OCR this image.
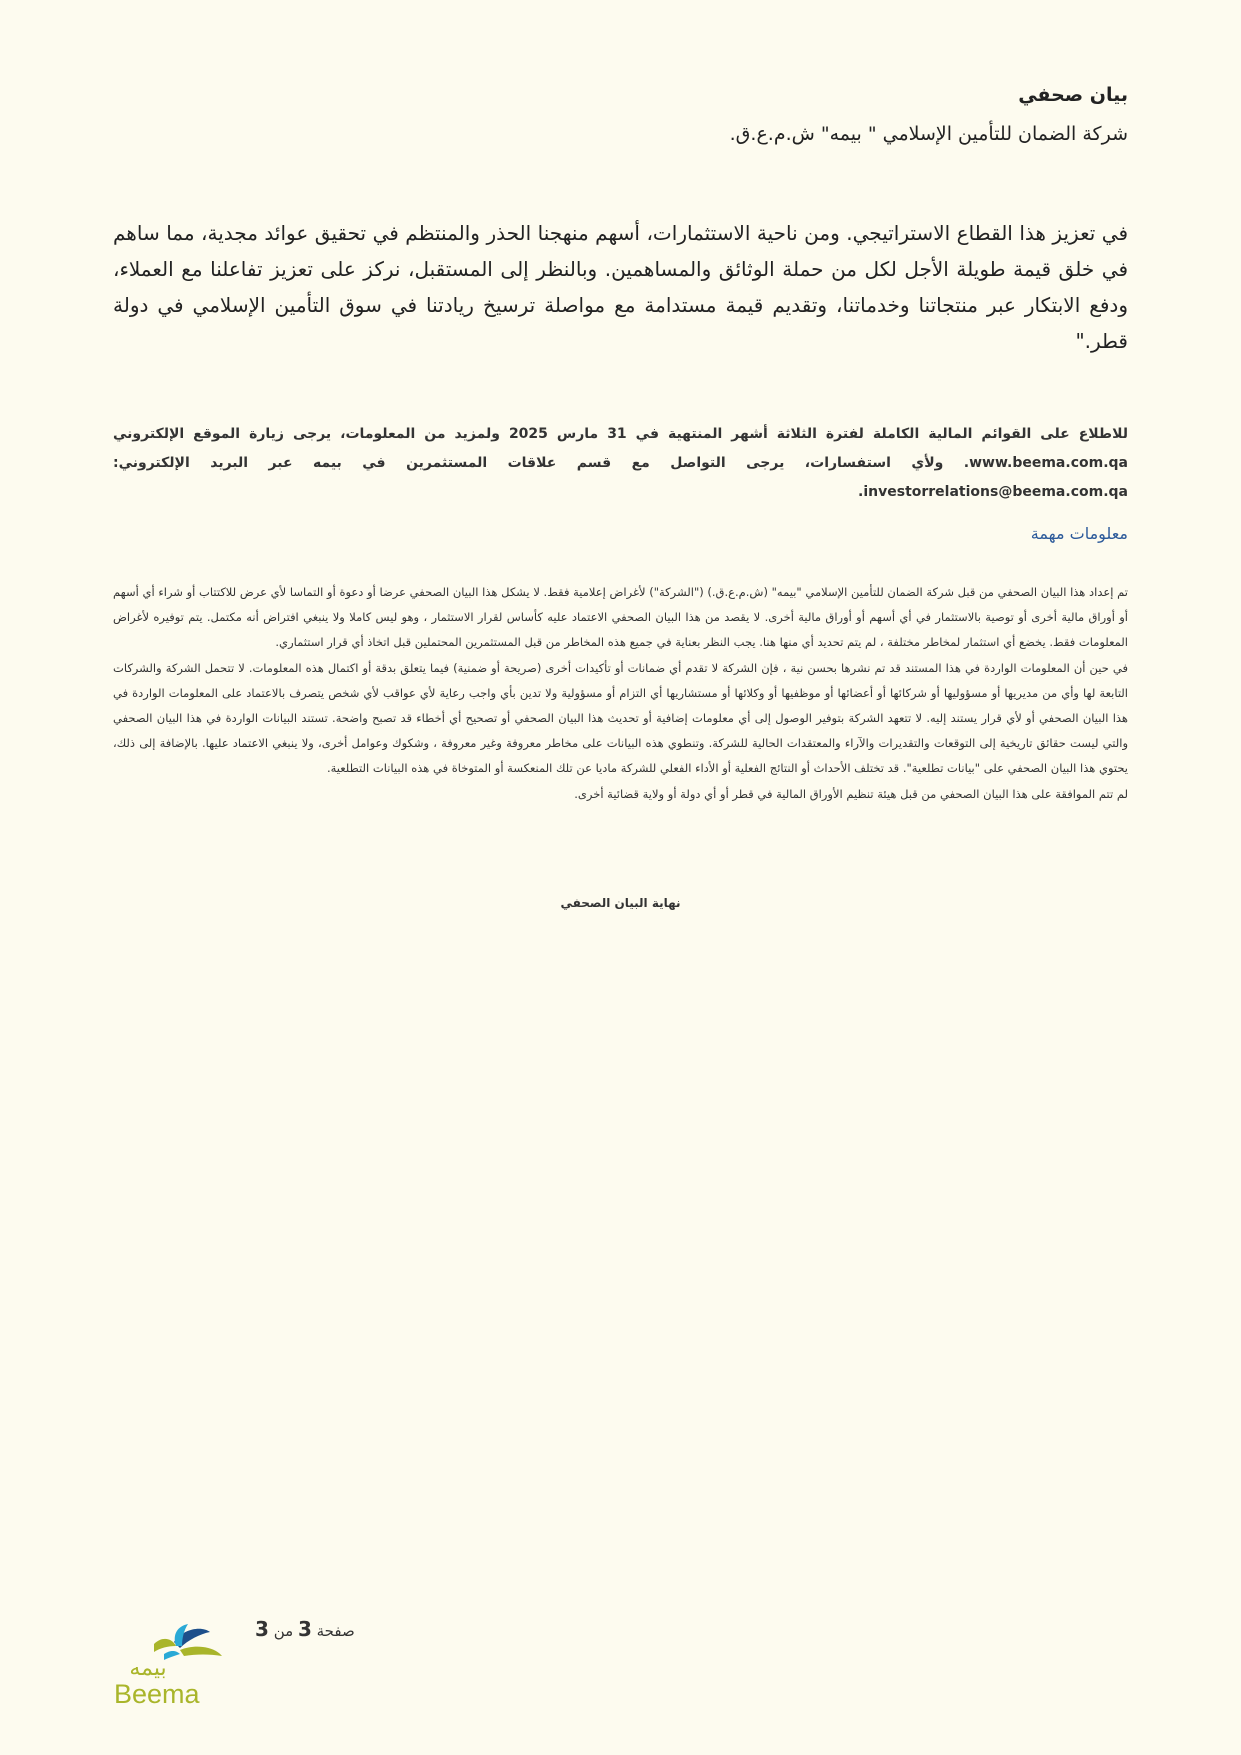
بيان صحفي
شركة الضمان للتأمين الإسلامي " بيمه" ش.م.ع.ق.

في تعزيز هذا القطاع الاستراتيجي. ومن ناحية الاستثمارات، أسهم منهجنا الحذر والمنتظم في تحقيق عوائد مجدية، مما ساهم في خلق قيمة طويلة الأجل لكل من حملة الوثائق والمساهمين. وبالنظر إلى المستقبل، نركز على تعزيز تفاعلنا مع العملاء، ودفع الابتكار عبر منتجاتنا وخدماتنا، وتقديم قيمة مستدامة مع مواصلة ترسيخ ريادتنا في سوق التأمين الإسلامي في دولة قطر."

للاطلاع على القوائم المالية الكاملة لفترة الثلاثة أشهر المنتهية في 31 مارس 2025 ولمزيد من المعلومات، يرجى زيارة الموقع الإلكتروني www.beema.com.qa. ولأي استفسارات، يرجى التواصل مع قسم علاقات المستثمرين في بيمه عبر البريد الإلكتروني: investorrelations@beema.com.qa.

معلومات مهمة

تم إعداد هذا البيان الصحفي من قبل شركة الضمان للتأمين الإسلامي "بيمه" (ش.م.ع.ق.) ("الشركة") لأغراض إعلامية فقط. لا يشكل هذا البيان الصحفي عرضا أو دعوة أو التماسا لأي عرض للاكتتاب أو شراء أي أسهم أو أوراق مالية أخرى أو توصية بالاستثمار في أي أسهم أو أوراق مالية أخرى. لا يقصد من هذا البيان الصحفي الاعتماد عليه كأساس لقرار الاستثمار ، وهو ليس كاملا ولا ينبغي افتراض أنه مكتمل. يتم توفيره لأغراض المعلومات فقط. يخضع أي استثمار لمخاطر مختلفة ، لم يتم تحديد أي منها هنا. يجب النظر بعناية في جميع هذه المخاطر من قبل المستثمرين المحتملين قبل اتخاذ أي قرار استثماري.

في حين أن المعلومات الواردة في هذا المستند قد تم نشرها بحسن نية ، فإن الشركة لا تقدم أي ضمانات أو تأكيدات أخرى (صريحة أو ضمنية) فيما يتعلق بدقة أو اكتمال هذه المعلومات. لا تتحمل الشركة والشركات التابعة لها وأي من مديريها أو مسؤوليها أو شركائها أو أعضائها أو موظفيها أو وكلائها أو مستشاريها أي التزام أو مسؤولية ولا تدين بأي واجب رعاية لأي عواقب لأي شخص يتصرف بالاعتماد على المعلومات الواردة في هذا البيان الصحفي أو لأي قرار يستند إليه. لا تتعهد الشركة بتوفير الوصول إلى أي معلومات إضافية أو تحديث هذا البيان الصحفي أو تصحيح أي أخطاء قد تصبح واضحة. تستند البيانات الواردة في هذا البيان الصحفي والتي ليست حقائق تاريخية إلى التوقعات والتقديرات والآراء والمعتقدات الحالية للشركة. وتنطوي هذه البيانات على مخاطر معروفة وغير معروفة ، وشكوك وعوامل أخرى، ولا ينبغي الاعتماد عليها. بالإضافة إلى ذلك، يحتوي هذا البيان الصحفي على "بيانات تطلعية". قد تختلف الأحداث أو النتائج الفعلية أو الأداء الفعلي للشركة ماديا عن تلك المنعكسة أو المتوخاة في هذه البيانات التطلعية.

لم تتم الموافقة على هذا البيان الصحفي من قبل هيئة تنظيم الأوراق المالية في قطر أو أي دولة أو ولاية قضائية أخرى.

نهاية البيان الصحفي

صفحة 3 من 3
بيمه
Beema
